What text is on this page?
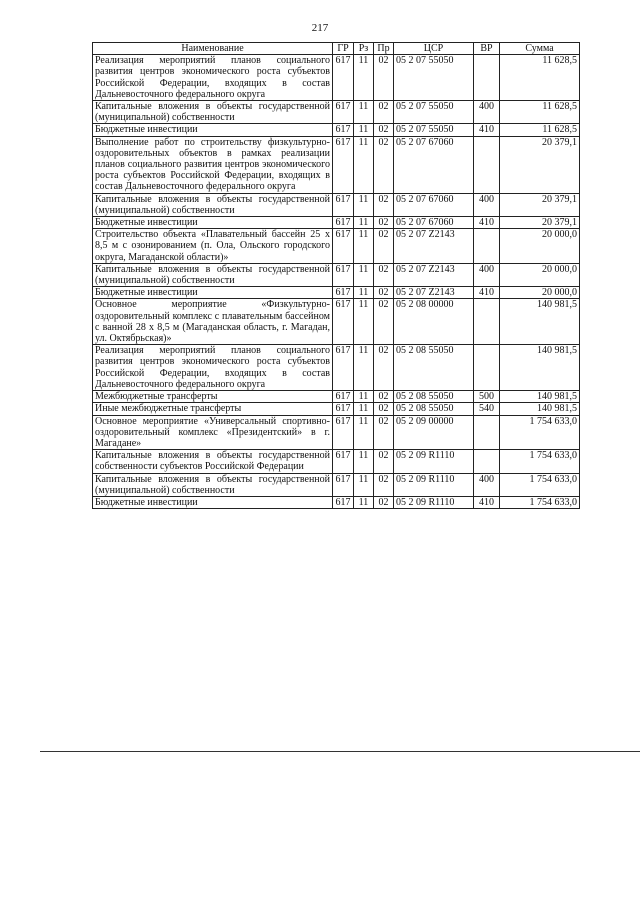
217
Наименование	ГР	Рз	Пр	ЦСР	ВР	Сумма
Реализация мероприятий планов социального развития центров экономического роста субъектов Российской Федерации, входящих в состав Дальневосточного федерального округа	617	11	02	05 2 07 55050		11 628,5
Капитальные вложения в объекты государственной (муниципальной) собственности	617	11	02	05 2 07 55050	400	11 628,5
Бюджетные инвестиции	617	11	02	05 2 07 55050	410	11 628,5
Выполнение работ по строительству физкультурно-оздоровительных объектов в рамках реализации планов социального развития центров экономического роста субъектов Российской Федерации, входящих в состав Дальневосточного федерального округа	617	11	02	05 2 07 67060		20 379,1
Капитальные вложения в объекты государственной (муниципальной) собственности	617	11	02	05 2 07 67060	400	20 379,1
Бюджетные инвестиции	617	11	02	05 2 07 67060	410	20 379,1
Строительство объекта «Плавательный бассейн 25 х 8,5 м с озонированием (п. Ола, Ольского городского округа, Магаданской области)»	617	11	02	05 2 07 Z2143		20 000,0
Капитальные вложения в объекты государственной (муниципальной) собственности	617	11	02	05 2 07 Z2143	400	20 000,0
Бюджетные инвестиции	617	11	02	05 2 07 Z2143	410	20 000,0
Основное мероприятие «Физкультурно-оздоровительный комплекс с плавательным бассейном с ванной 28 х 8,5 м (Магаданская область, г. Магадан, ул. Октябрьская)»	617	11	02	05 2 08 00000		140 981,5
Реализация мероприятий планов социального развития центров экономического роста субъектов Российской Федерации, входящих в состав Дальневосточного федерального округа	617	11	02	05 2 08 55050		140 981,5
Межбюджетные трансферты	617	11	02	05 2 08 55050	500	140 981,5
Иные межбюджетные трансферты	617	11	02	05 2 08 55050	540	140 981,5
Основное мероприятие «Универсальный спортивно-оздоровительный комплекс «Президентский» в г. Магадане»	617	11	02	05 2 09 00000		1 754 633,0
Капитальные вложения в объекты государственной собственности субъектов Российской Федерации	617	11	02	05 2 09 R1110		1 754 633,0
Капитальные вложения в объекты государственной (муниципальной) собственности	617	11	02	05 2 09 R1110	400	1 754 633,0
Бюджетные инвестиции	617	11	02	05 2 09 R1110	410	1 754 633,0
